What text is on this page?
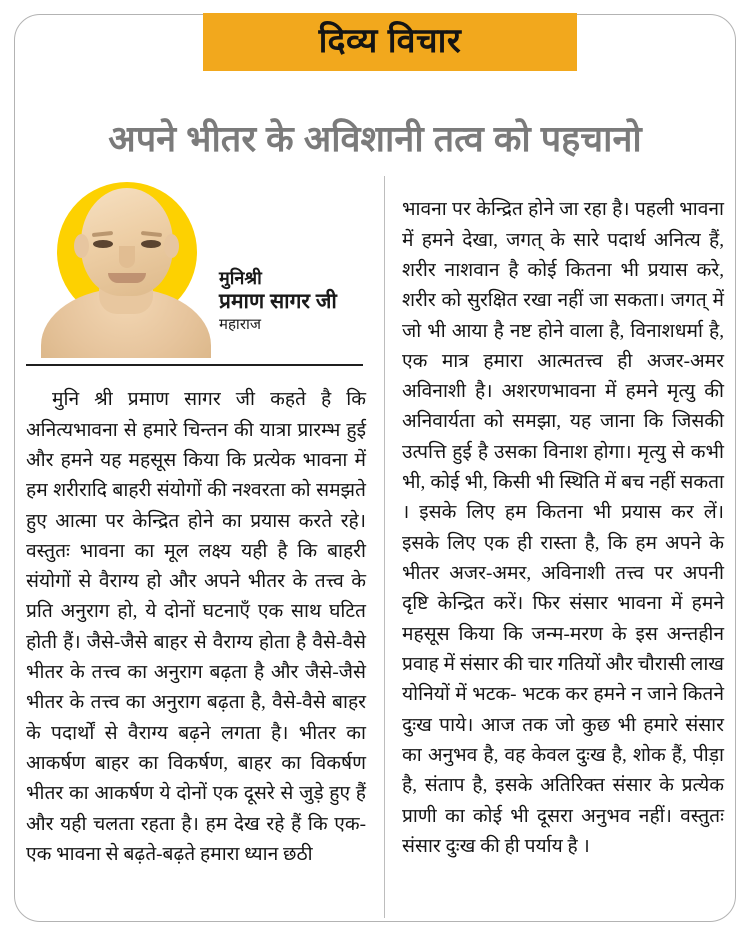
दिव्य विचार
अपने भीतर के अविशानी तत्व को पहचानो
मुनिश्री
प्रमाण सागर जी
महाराज

मुनि श्री प्रमाण सागर जी कहते है कि अनित्यभावना से हमारे चिन्तन की यात्रा प्रारम्भ हुई और हमने यह महसूस किया कि प्रत्येक भावना में हम शरीरादि बाहरी संयोगों की नश्वरता को समझते हुए आत्मा पर केन्द्रित होने का प्रयास करते रहे। वस्तुतः भावना का मूल लक्ष्य यही है कि बाहरी संयोगों से वैराग्य हो और अपने भीतर के तत्त्व के प्रति अनुराग हो, ये दोनों घटनाएँ एक साथ घटित होती हैं। जैसे-जैसे बाहर से वैराग्य होता है वैसे-वैसे भीतर के तत्त्व का अनुराग बढ़ता है और जैसे-जैसे भीतर के तत्त्व का अनुराग बढ़ता है, वैसे-वैसे बाहर के पदार्थों से वैराग्य बढ़ने लगता है। भीतर का आकर्षण बाहर का विकर्षण, बाहर का विकर्षण भीतर का आकर्षण ये दोनों एक दूसरे से जुड़े हुए हैं और यही चलता रहता है। हम देख रहे हैं कि एक-एक भावना से बढ़ते-बढ़ते हमारा ध्यान छठी

भावना पर केन्द्रित होने जा रहा है। पहली भावना में हमने देखा, जगत् के सारे पदार्थ अनित्य हैं, शरीर नाशवान है कोई कितना भी प्रयास करे, शरीर को सुरक्षित रखा नहीं जा सकता। जगत् में जो भी आया है नष्ट होने वाला है, विनाशधर्मा है, एक मात्र हमारा आत्मतत्त्व ही अजर-अमर अविनाशी है। अशरणभावना में हमने मृत्यु की अनिवार्यता को समझा, यह जाना कि जिसकी उत्पत्ति हुई है उसका विनाश होगा। मृत्यु से कभी भी, कोई भी, किसी भी स्थिति में बच नहीं सकता । इसके लिए हम कितना भी प्रयास कर लें। इसके लिए एक ही रास्ता है, कि हम अपने के भीतर अजर-अमर, अविनाशी तत्त्व पर अपनी दृष्टि केन्द्रित करें। फिर संसार भावना में हमने महसूस किया कि जन्म-मरण के इस अन्तहीन प्रवाह में संसार की चार गतियों और चौरासी लाख योनियों में भटक- भटक कर हमने न जाने कितने दुःख पाये। आज तक जो कुछ भी हमारे संसार का अनुभव है, वह केवल दुःख है, शोक हैं, पीड़ा है, संताप है, इसके अतिरिक्त संसार के प्रत्येक प्राणी का कोई भी दूसरा अनुभव नहीं। वस्तुतः संसार दुःख की ही पर्याय है ।
